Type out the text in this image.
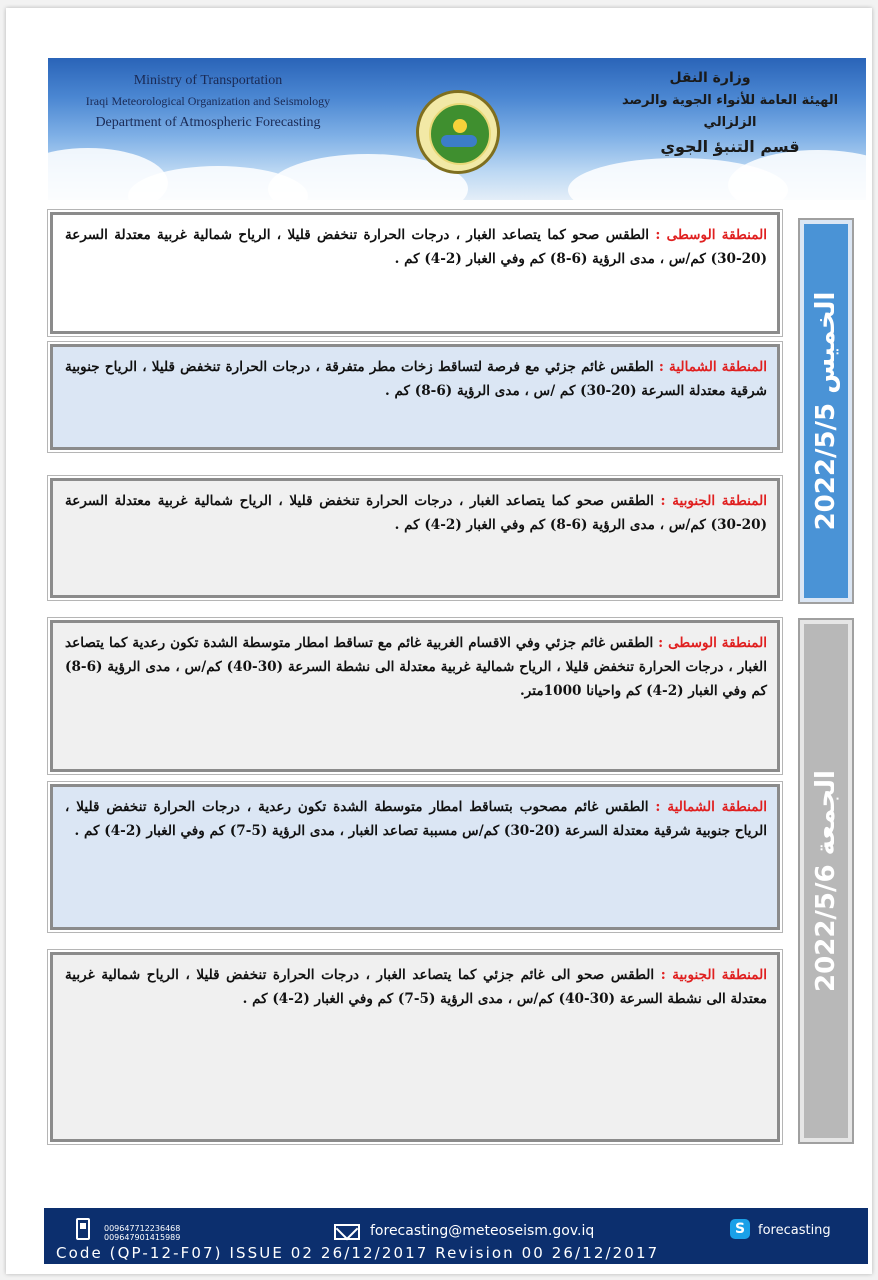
Ministry of Transportation
Iraqi Meteorological Organization and Seismology
Department of Atmospheric Forecasting
وزارة النقل
الهيئة العامة للأنواء الجوية والرصد الزلزالي
قسم التنبؤ الجوي
المنطقة الوسطى : الطقس صحو كما يتصاعد الغبار ، درجات الحرارة تنخفض قليلا ، الرياح شمالية غربية معتدلة السرعة (20-30) كم/س ، مدى الرؤية (6-8) كم وفي الغبار (2-4) كم .
المنطقة الشمالية : الطقس غائم جزئي مع فرصة لتساقط زخات مطر متفرقة ، درجات الحرارة تنخفض قليلا ، الرياح جنوبية شرقية معتدلة السرعة (20-30) كم /س ، مدى الرؤية (6-8) كم .
المنطقة الجنوبية : الطقس صحو كما يتصاعد الغبار ، درجات الحرارة تنخفض قليلا ، الرياح شمالية غربية معتدلة السرعة (20-30) كم/س ، مدى الرؤية (6-8) كم وفي الغبار (2-4) كم .	الخميس 2022/5/5
المنطقة الوسطى : الطقس غائم جزئي وفي الاقسام الغربية غائم مع تساقط امطار متوسطة الشدة تكون رعدية كما يتصاعد الغبار ، درجات الحرارة تنخفض قليلا ، الرياح شمالية غربية معتدلة الى نشطة السرعة (30-40) كم/س ، مدى الرؤية (6-8) كم وفي الغبار (2-4) كم واحيانا 1000متر.
المنطقة الشمالية : الطقس غائم مصحوب بتساقط امطار متوسطة الشدة تكون رعدية ، درجات الحرارة تنخفض قليلا ، الرياح جنوبية شرقية معتدلة السرعة (20-30) كم/س مسببة تصاعد الغبار ، مدى الرؤية (5-7) كم وفي الغبار (2-4) كم .
المنطقة الجنوبية : الطقس صحو الى غائم جزئي كما يتصاعد الغبار ، درجات الحرارة تنخفض قليلا ، الرياح شمالية غربية معتدلة الى نشطة السرعة (30-40) كم/س ، مدى الرؤية (5-7) كم وفي الغبار (2-4) كم .
الجمعة 2022/5/6
009647712236468
009647901415989	forecasting@meteoseism.gov.iq	S forecasting
Code (QP-12-F07) ISSUE 02 26/12/2017 Revision 00 26/12/2017
